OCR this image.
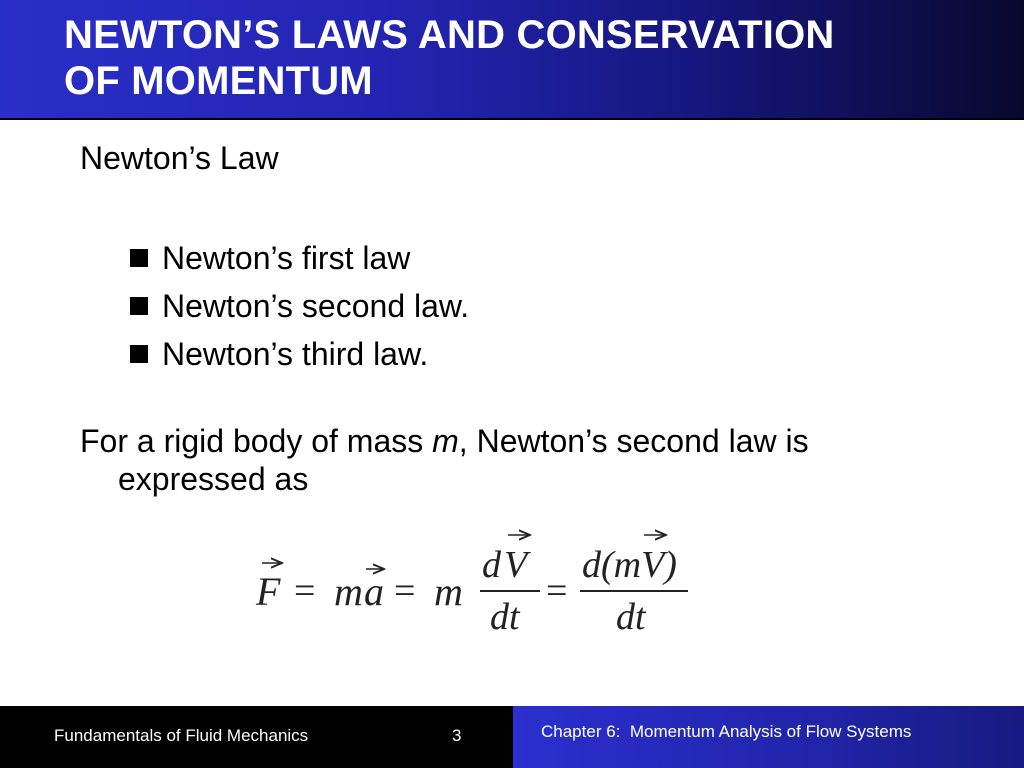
NEWTON’S LAWS AND CONSERVATION
OF MOMENTUM

Newton’s Law

Newton’s first law
Newton’s second law.
Newton’s third law.

For a rigid body of mass m, Newton’s second law is expressed as

F = m a = m
d V
dt
=
d(mV)
dt
Fundamentals of Fluid Mechanics	3	Chapter 6:  Momentum Analysis of Flow Systems
